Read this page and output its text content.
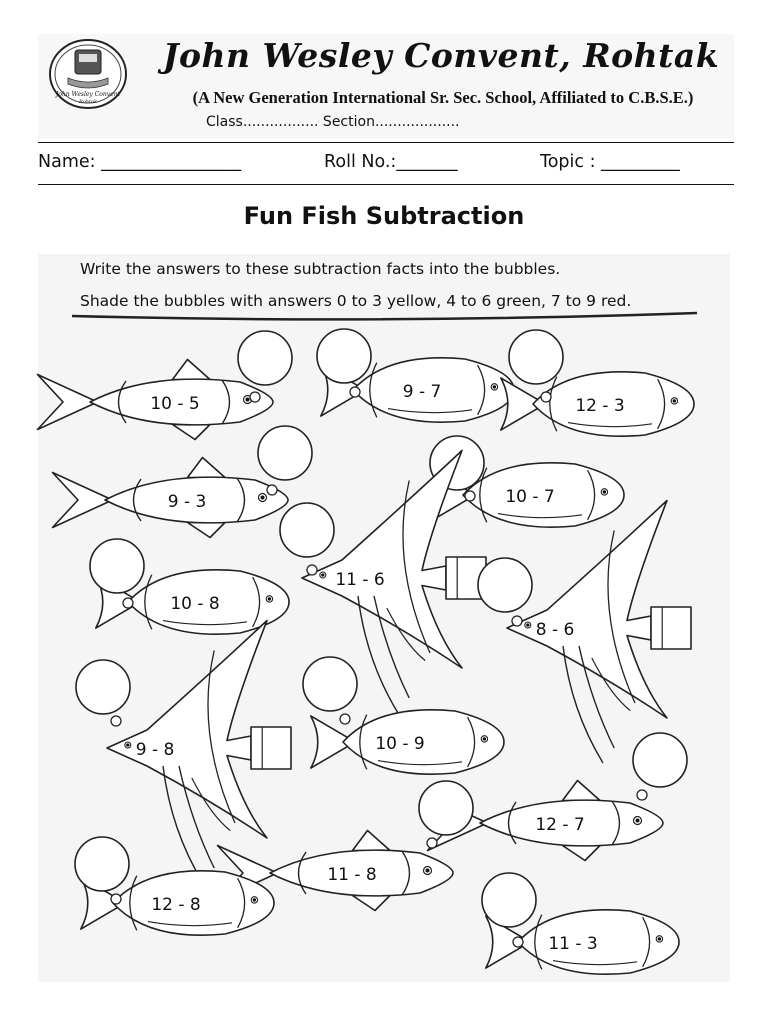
John Wesley Convent
Rohtak
John Wesley Convent, Rohtak
(A New Generation International Sr. Sec. School, Affiliated to C.B.S.E.)
Class................. Section...................
Name: ________________	Roll No.:_______	Topic : _________
Fun Fish Subtraction
Write the answers to these subtraction facts into the bubbles.
Shade the bubbles with answers 0 to 3 yellow, 4 to 6 green, 7 to 9 red.
10 - 5
9 - 7
12 - 3
9 - 3	10 - 7
11 - 6
10 - 8
8 - 6
9 - 8	10 - 9
12 - 7
11 - 8
12 - 8
11 - 3
